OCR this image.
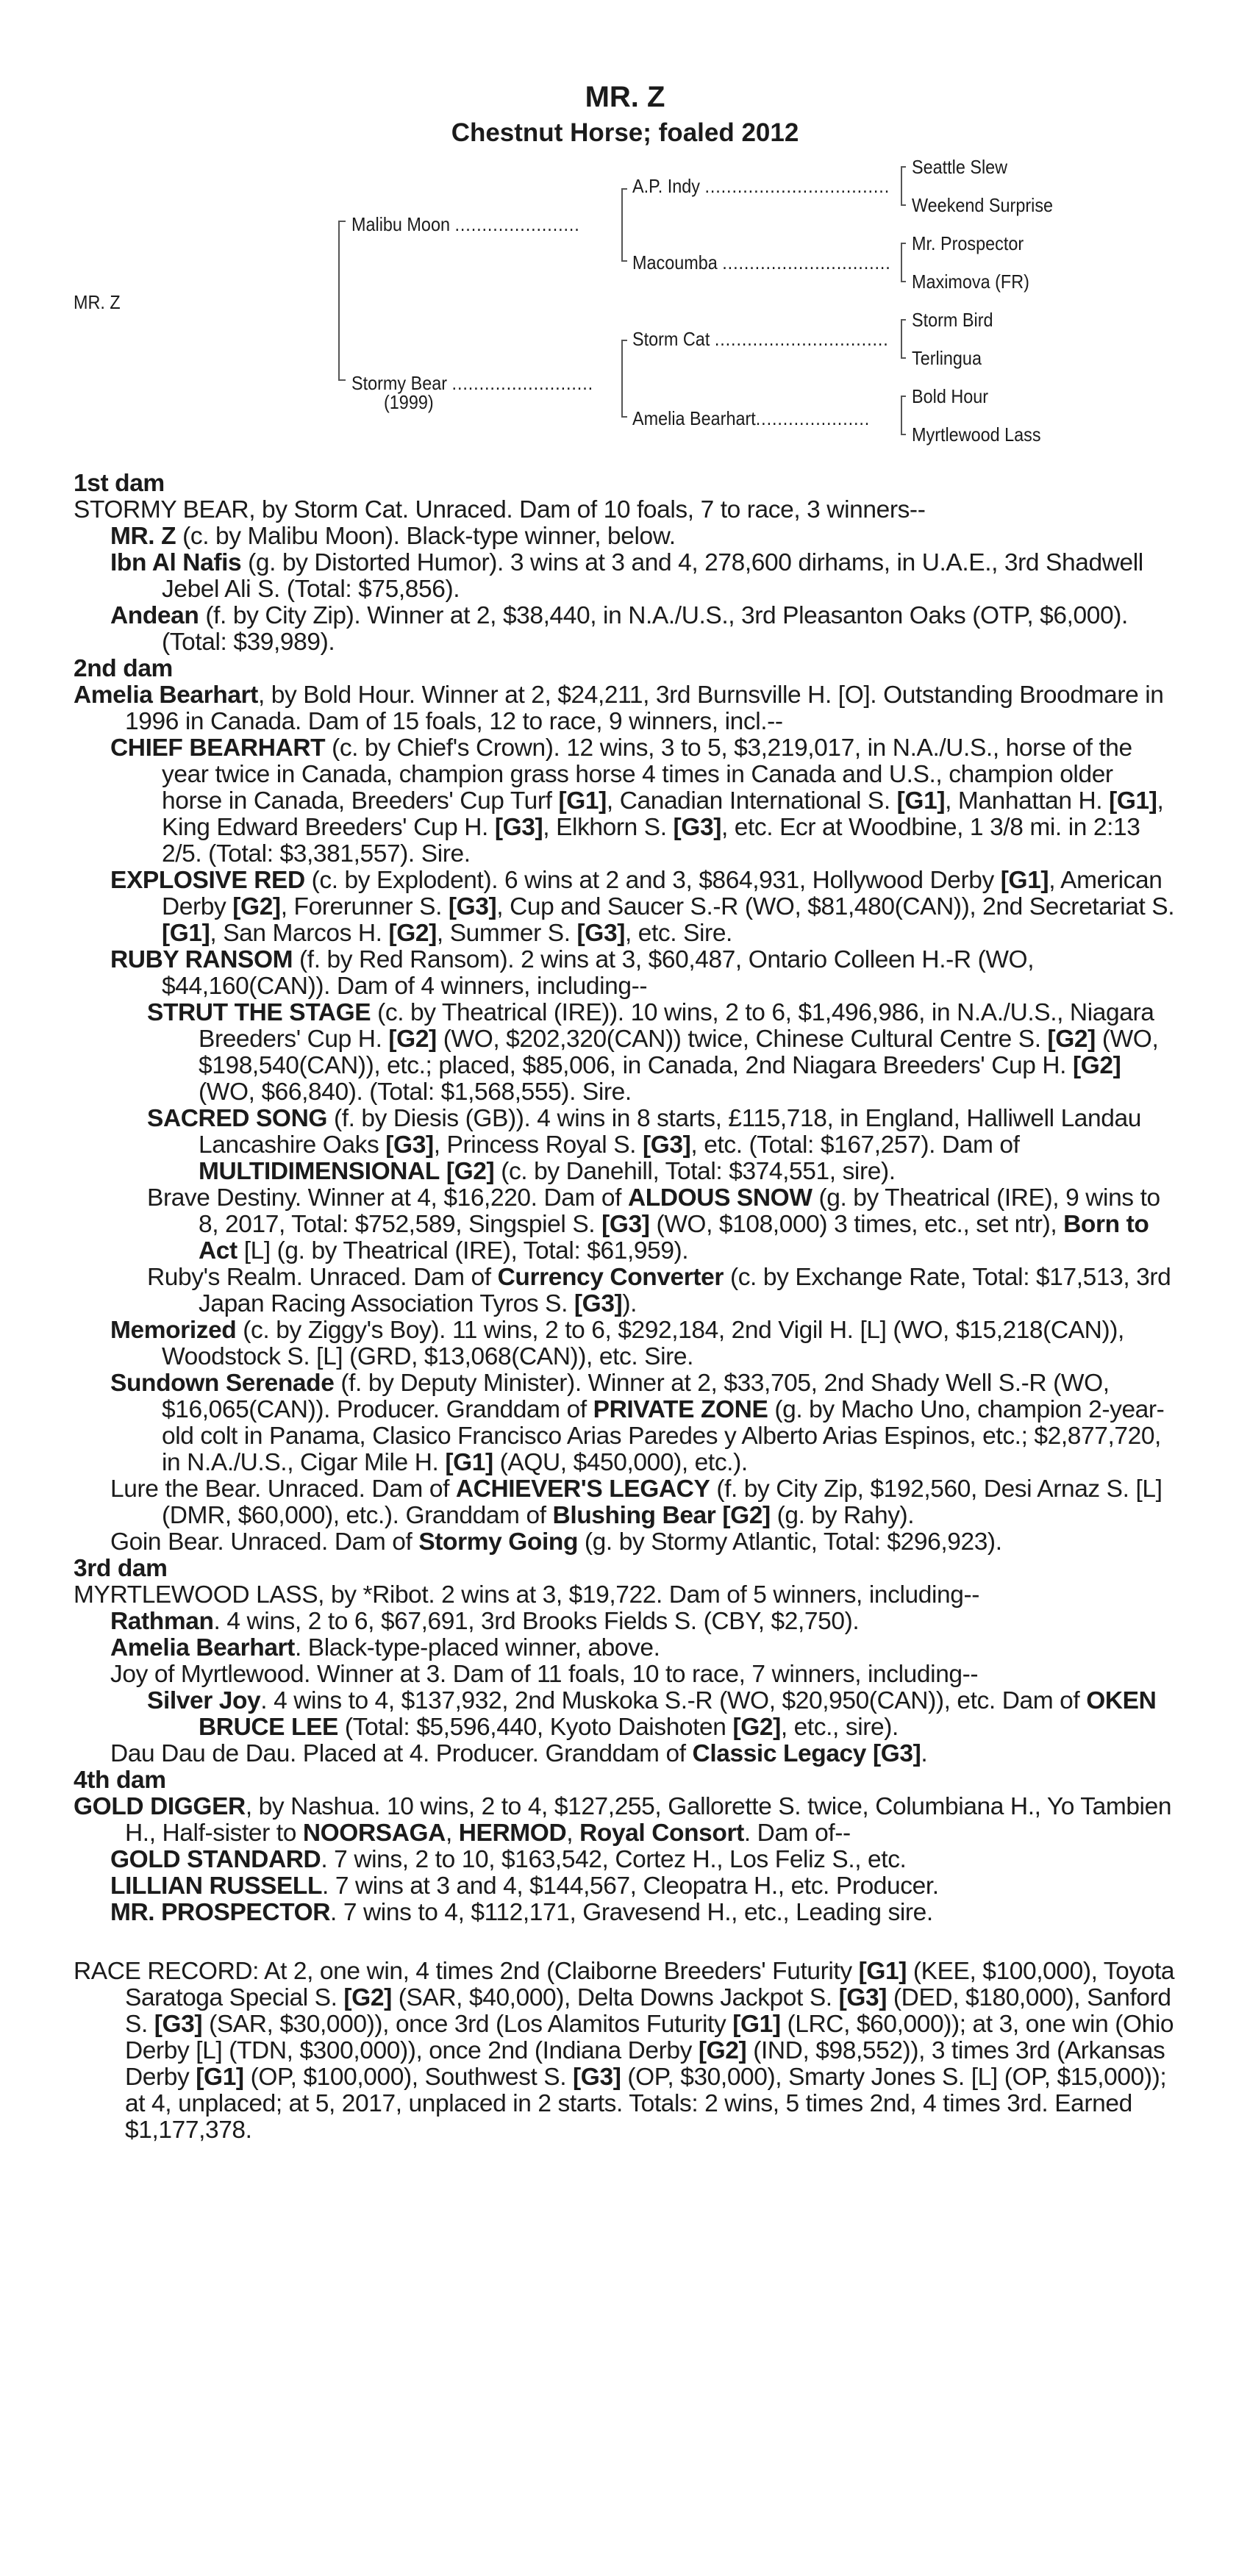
MR. Z
Chestnut Horse; foaled 2012
MR. Z
Malibu Moon .......................
Stormy Bear ..........................
(1999)
A.P. Indy ..................................
Macoumba ...............................
Storm Cat ................................
Amelia Bearhart.....................
Seattle Slew
Weekend Surprise
Mr. Prospector
Maximova (FR)
Storm Bird
Terlingua
Bold Hour
Myrtlewood Lass
1st dam
STORMY BEAR, by Storm Cat. Unraced. Dam of 10 foals, 7 to race, 3 winners--
MR. Z (c. by Malibu Moon). Black-type winner, below.
Ibn Al Nafis (g. by Distorted Humor). 3 wins at 3 and 4, 278,600 dirhams, in U.A.E., 3rd Shadwell Jebel Ali S. (Total: $75,856).
Andean (f. by City Zip). Winner at 2, $38,440, in N.A./U.S., 3rd Pleasanton Oaks (OTP, $6,000). (Total: $39,989).
2nd dam
Amelia Bearhart, by Bold Hour. Winner at 2, $24,211, 3rd Burnsville H. [O]. Outstanding Broodmare in 1996 in Canada. Dam of 15 foals, 12 to race, 9 winners, incl.--
CHIEF BEARHART (c. by Chief's Crown). 12 wins, 3 to 5, $3,219,017, in N.A./U.S., horse of the year twice in Canada, champion grass horse 4 times in Canada and U.S., champion older horse in Canada, Breeders' Cup Turf [G1], Canadian International S. [G1], Manhattan H. [G1], King Edward Breeders' Cup H. [G3], Elkhorn S. [G3], etc. Ecr at Woodbine, 1 3/8 mi. in 2:13 2/5. (Total: $3,381,557). Sire.
EXPLOSIVE RED (c. by Explodent). 6 wins at 2 and 3, $864,931, Hollywood Derby [G1], American Derby [G2], Forerunner S. [G3], Cup and Saucer S.-R (WO, $81,480(CAN)), 2nd Secretariat S. [G1], San Marcos H. [G2], Summer S. [G3], etc. Sire.
RUBY RANSOM (f. by Red Ransom). 2 wins at 3, $60,487, Ontario Colleen H.-R (WO, $44,160(CAN)). Dam of 4 winners, including--
STRUT THE STAGE (c. by Theatrical (IRE)). 10 wins, 2 to 6, $1,496,986, in N.A./U.S., Niagara Breeders' Cup H. [G2] (WO, $202,320(CAN)) twice, Chinese Cultural Centre S. [G2] (WO, $198,540(CAN)), etc.; placed, $85,006, in Canada, 2nd Niagara Breeders' Cup H. [G2] (WO, $66,840). (Total: $1,568,555). Sire.
SACRED SONG (f. by Diesis (GB)). 4 wins in 8 starts, £115,718, in England, Halliwell Landau Lancashire Oaks [G3], Princess Royal S. [G3], etc. (Total: $167,257). Dam of MULTIDIMENSIONAL [G2] (c. by Danehill, Total: $374,551, sire).
Brave Destiny. Winner at 4, $16,220. Dam of ALDOUS SNOW (g. by Theatrical (IRE), 9 wins to 8, 2017, Total: $752,589, Singspiel S. [G3] (WO, $108,000) 3 times, etc., set ntr), Born to Act [L] (g. by Theatrical (IRE), Total: $61,959).
Ruby's Realm. Unraced. Dam of Currency Converter (c. by Exchange Rate, Total: $17,513, 3rd Japan Racing Association Tyros S. [G3]).
Memorized (c. by Ziggy's Boy). 11 wins, 2 to 6, $292,184, 2nd Vigil H. [L] (WO, $15,218(CAN)), Woodstock S. [L] (GRD, $13,068(CAN)), etc. Sire.
Sundown Serenade (f. by Deputy Minister). Winner at 2, $33,705, 2nd Shady Well S.-R (WO, $16,065(CAN)). Producer. Granddam of PRIVATE ZONE (g. by Macho Uno, champion 2-year-old colt in Panama, Clasico Francisco Arias Paredes y Alberto Arias Espinos, etc.; $2,877,720, in N.A./U.S., Cigar Mile H. [G1] (AQU, $450,000), etc.).
Lure the Bear. Unraced. Dam of ACHIEVER'S LEGACY (f. by City Zip, $192,560, Desi Arnaz S. [L] (DMR, $60,000), etc.). Granddam of Blushing Bear [G2] (g. by Rahy).
Goin Bear. Unraced. Dam of Stormy Going (g. by Stormy Atlantic, Total: $296,923).
3rd dam
MYRTLEWOOD LASS, by *Ribot. 2 wins at 3, $19,722. Dam of 5 winners, including--
Rathman. 4 wins, 2 to 6, $67,691, 3rd Brooks Fields S. (CBY, $2,750).
Amelia Bearhart. Black-type-placed winner, above.
Joy of Myrtlewood. Winner at 3. Dam of 11 foals, 10 to race, 7 winners, including--
Silver Joy. 4 wins to 4, $137,932, 2nd Muskoka S.-R (WO, $20,950(CAN)), etc. Dam of OKEN BRUCE LEE (Total: $5,596,440, Kyoto Daishoten [G2], etc., sire).
Dau Dau de Dau. Placed at 4. Producer. Granddam of Classic Legacy [G3].
4th dam
GOLD DIGGER, by Nashua. 10 wins, 2 to 4, $127,255, Gallorette S. twice, Columbiana H., Yo Tambien H., Half-sister to NOORSAGA, HERMOD, Royal Consort. Dam of--
GOLD STANDARD. 7 wins, 2 to 10, $163,542, Cortez H., Los Feliz S., etc.
LILLIAN RUSSELL. 7 wins at 3 and 4, $144,567, Cleopatra H., etc. Producer.
MR. PROSPECTOR. 7 wins to 4, $112,171, Gravesend H., etc., Leading sire.
RACE RECORD: At 2, one win, 4 times 2nd (Claiborne Breeders' Futurity [G1] (KEE, $100,000), Toyota Saratoga Special S. [G2] (SAR, $40,000), Delta Downs Jackpot S. [G3] (DED, $180,000), Sanford S. [G3] (SAR, $30,000)), once 3rd (Los Alamitos Futurity [G1] (LRC, $60,000)); at 3, one win (Ohio Derby [L] (TDN, $300,000)), once 2nd (Indiana Derby [G2] (IND, $98,552)), 3 times 3rd (Arkansas Derby [G1] (OP, $100,000), Southwest S. [G3] (OP, $30,000), Smarty Jones S. [L] (OP, $15,000)); at 4, unplaced; at 5, 2017, unplaced in 2 starts. Totals: 2 wins, 5 times 2nd, 4 times 3rd. Earned $1,177,378.
